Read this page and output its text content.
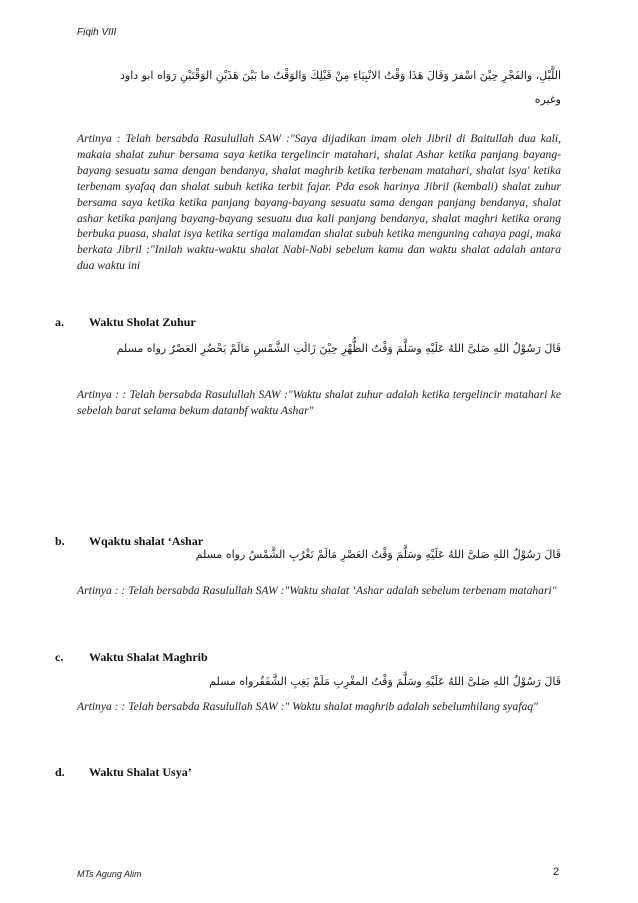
Fiqih VIII
اللَّيْلِ، والفَجْرِ حِيْنَ اسْفرَ وَقَالَ هَذَا وَقْتُ الانْبِيَاءِ مِنْ قَبْلِكَ وَالوَقْتُ ما بَيْنَ هَذَيْنِ الوَقْتَيْنِ رَوَاه ابو داود
وغيره
Artinya : Telah bersabda Rasulullah SAW :"Saya dijadikan imam oleh Jibril di Baitullah dua kali, makaia shalat zuhur bersama saya ketika tergelincir matahari, shalat Ashar ketika panjang bayang-bayang sesuatu sama dengan bendanya, shalat maghrib ketika terbenam matahari, shalat isya' ketika terbenam syafaq dan shalat subuh ketika terbit fajar. Pda esok harinya Jibril (kembali) shalat zuhur bersama saya ketika ketika panjang bayang-bayang sesuatu sama dengan panjang bendanya, shalat ashar ketika panjang bayang-bayang sesuatu dua kali panjang bendanya, shalat maghri ketika orang berbuka puasa, shalat isya ketika sertiga malamdan shalat subuh ketika menguning cahaya pagi, maka berkata Jibril :"Inilah waktu-waktu shalat Nabi-Nabi sebelum kamu dan waktu shalat adalah antara dua waktu ini
a. Waktu Sholat Zuhur
قَالَ رَسُوْلُ اللهِ صَلىَّ اللهُ عَلَيْهِ وسَلَّمَ وَقْتُ الظُّهْرِ حِيْنَ زَالَتِ الشَّمْسِ مَالَمْ يَحْضُرِ العَصْرُ رواه مسلم
Artinya : : Telah bersabda Rasulullah SAW :"Waktu shalat zuhur adalah ketika tergelincir matahari ke sebelah barat selama bekum datanbf waktu Ashar"
b. Wqaktu shalat ‘Ashar
قَالَ رَسُوْلُ اللهِ صَلىَّ اللهُ عَلَيْهِ وسَلَّمَ وَقْتُ العَصْرِ مَالَمْ تَغْرُبِ الشَّمْسُ رواه مسلم
Artinya : : Telah bersabda Rasulullah SAW :"Waktu shalat ‘Ashar adalah sebelum terbenam matahari"
c. Waktu Shalat Maghrib
قَالَ رَسُوْلُ اللهِ صَلىَّ اللهُ عَلَيْهِ وسَلَّمَ وَقْتُ المغْرِبِ مَلَمْ يَغِبِ الشَّفَقُرواه مسلم
Artinya : : Telah bersabda Rasulullah SAW :" Waktu shalat maghrib adalah sebelumhilang syafaq"
d. Waktu Shalat Usya’
MTs Agung Alim	2
